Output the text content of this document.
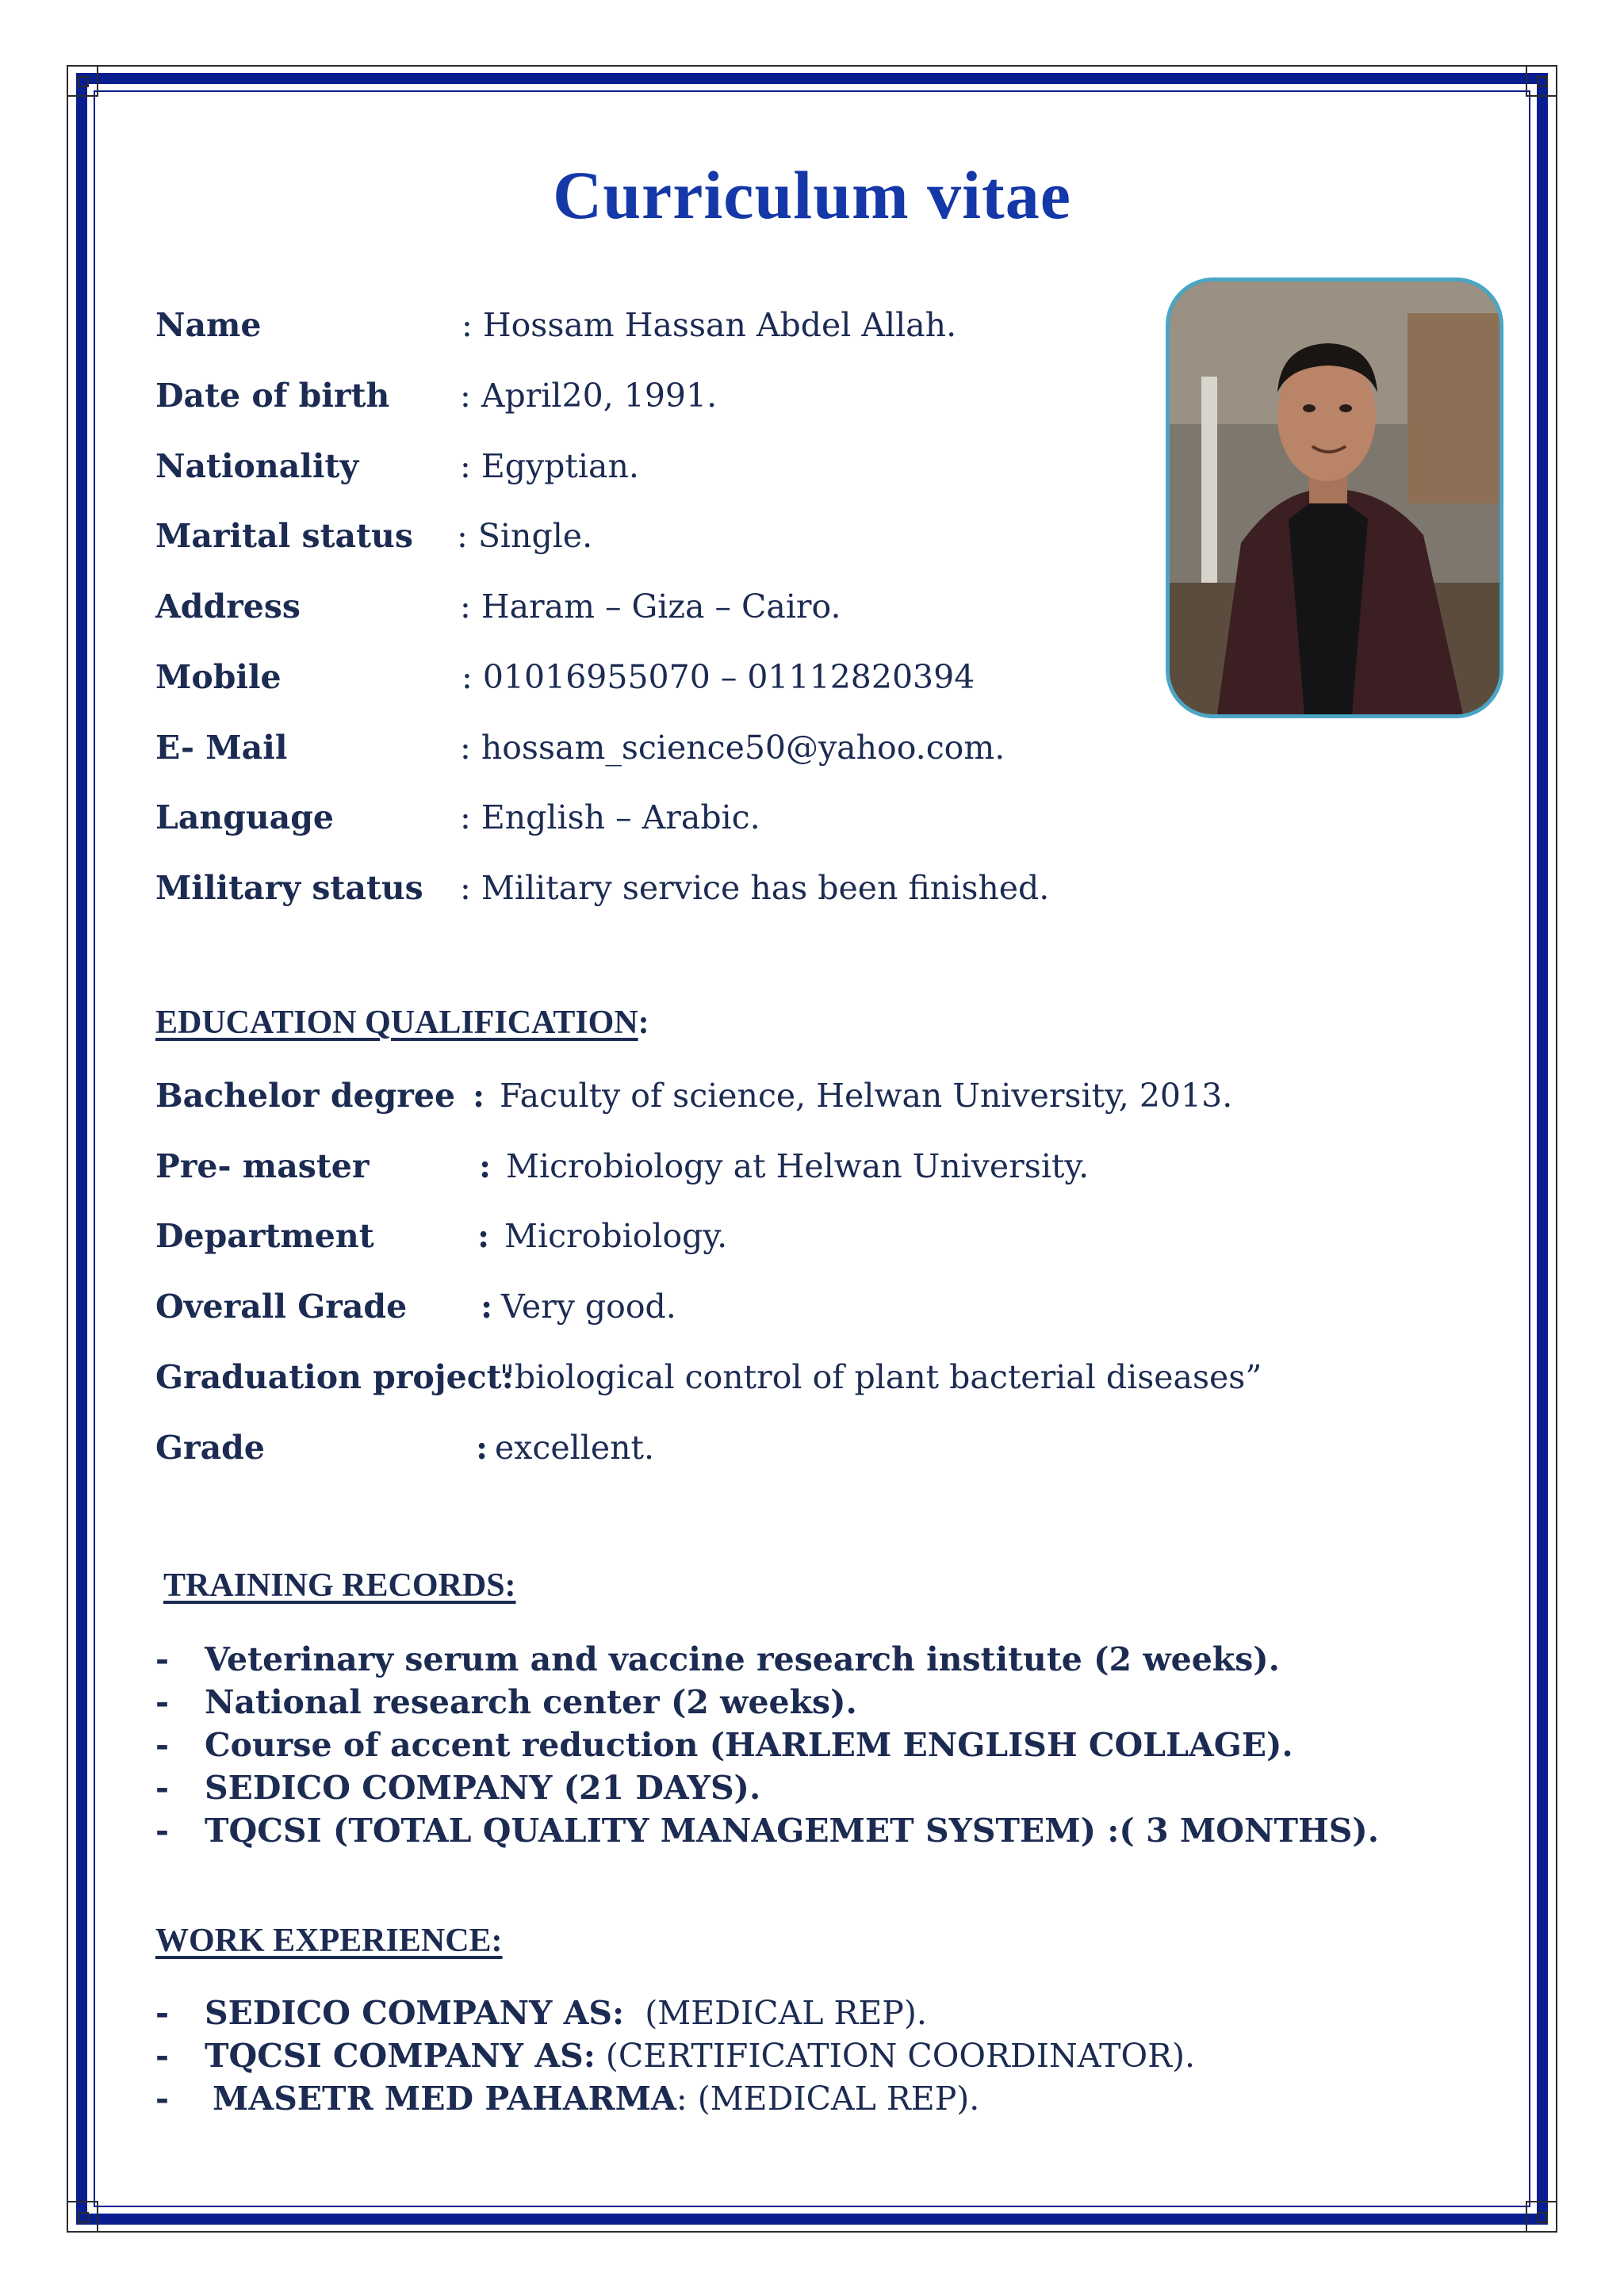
Curriculum vitae
Name	: Hossam Hassan Abdel Allah.
Date of birth : April20, 1991.
Nationality	: Egyptian.
Marital status : Single.
Address	: Haram – Giza – Cairo.
Mobile	: 01016955070 – 01112820394
E- Mail	: hossam_science50@yahoo.com.
Language	: English – Arabic.
Military status : Military service has been finished.
EDUCATION QUALIFICATION:
Bachelor degree : Faculty of science, Helwan University, 2013.
Pre- master	: Microbiology at Helwan University.
Department	: Microbiology.
Overall Grade : Very good.
Graduation project:
"biological control of plant bacterial diseases”
Grade	: excellent.
TRAINING RECORDS:
- Veterinary serum and vaccine research institute (2 weeks).
- National research center (2 weeks).
- Course of accent reduction (HARLEM ENGLISH COLLAGE).
- SEDICO COMPANY (21 DAYS).
- TQCSI (TOTAL QUALITY MANAGEMET SYSTEM) :( 3 MONTHS).
WORK EXPERIENCE:
- SEDICO COMPANY AS:  (MEDICAL REP).
- TQCSI COMPANY AS: (CERTIFICATION COORDINATOR).
- MASETR MED PAHARMA: (MEDICAL REP).
